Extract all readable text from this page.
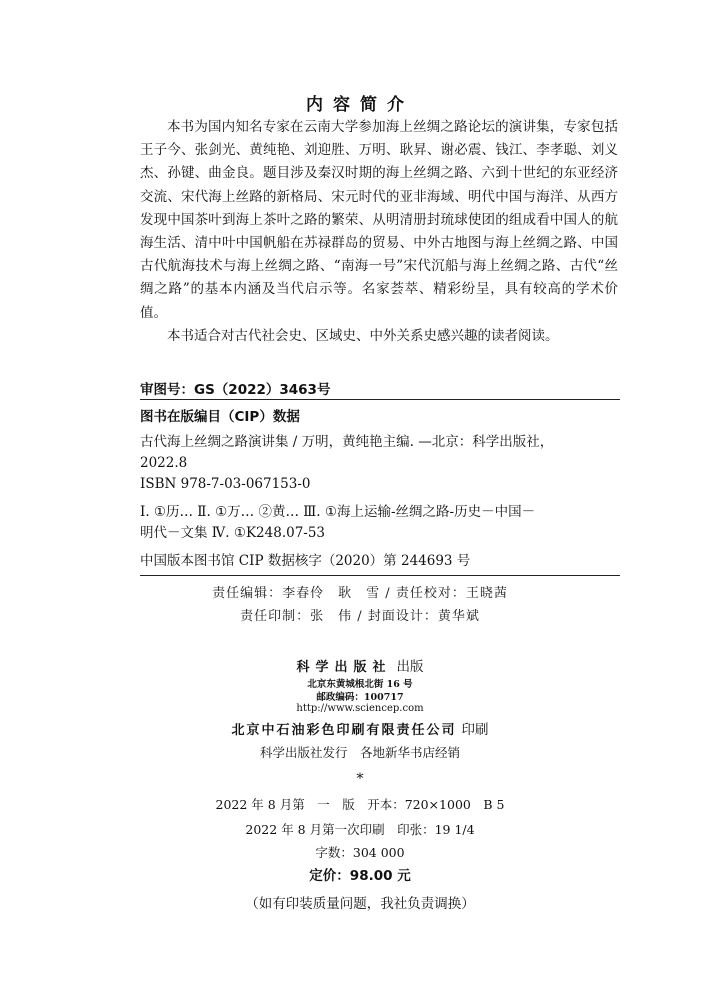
内容简介

本书为国内知名专家在云南大学参加海上丝绸之路论坛的演讲集，专家包括王子今、张剑光、黄纯艳、刘迎胜、万明、耿昇、谢必震、钱江、李孝聪、刘义杰、孙键、曲金良。题目涉及秦汉时期的海上丝绸之路、六到十世纪的东亚经济交流、宋代海上丝路的新格局、宋元时代的亚非海域、明代中国与海洋、从西方发现中国茶叶到海上茶叶之路的繁荣、从明清册封琉球使团的组成看中国人的航海生活、清中叶中国帆船在苏禄群岛的贸易、中外古地图与海上丝绸之路、中国古代航海技术与海上丝绸之路、“南海一号”宋代沉船与海上丝绸之路、古代“丝绸之路”的基本内涵及当代启示等。名家荟萃、精彩纷呈，具有较高的学术价值。

本书适合对古代社会史、区域史、中外关系史感兴趣的读者阅读。

审图号：GS（2022）3463号
图书在版编目（CIP）数据

古代海上丝绸之路演讲集 / 万明，黄纯艳主编. —北京：科学出版社，

2022.8

ISBN 978-7-03-067153-0

Ⅰ. ①历… Ⅱ. ①万… ②黄… Ⅲ. ①海上运输-丝绸之路-历史－中国－

明代－文集 Ⅳ. ①K248.07-53

中国版本图书馆 CIP 数据核字（2020）第 244693 号
责任编辑：李春伶　耿　雪 / 责任校对：王晓茜
责任印制：张　伟 / 封面设计：黄华斌
科学出版社 出版
北京东黄城根北街 16 号
邮政编码：100717
http://www.sciencep.com
北京中石油彩色印刷有限责任公司 印刷
科学出版社发行　各地新华书店经销
*
2022 年 8 月第　一　版　开本：720×1000　B 5
2022 年 8 月第一次印刷　印张：19 1/4
字数：304 000
定价：98.00 元
（如有印装质量问题，我社负责调换）
